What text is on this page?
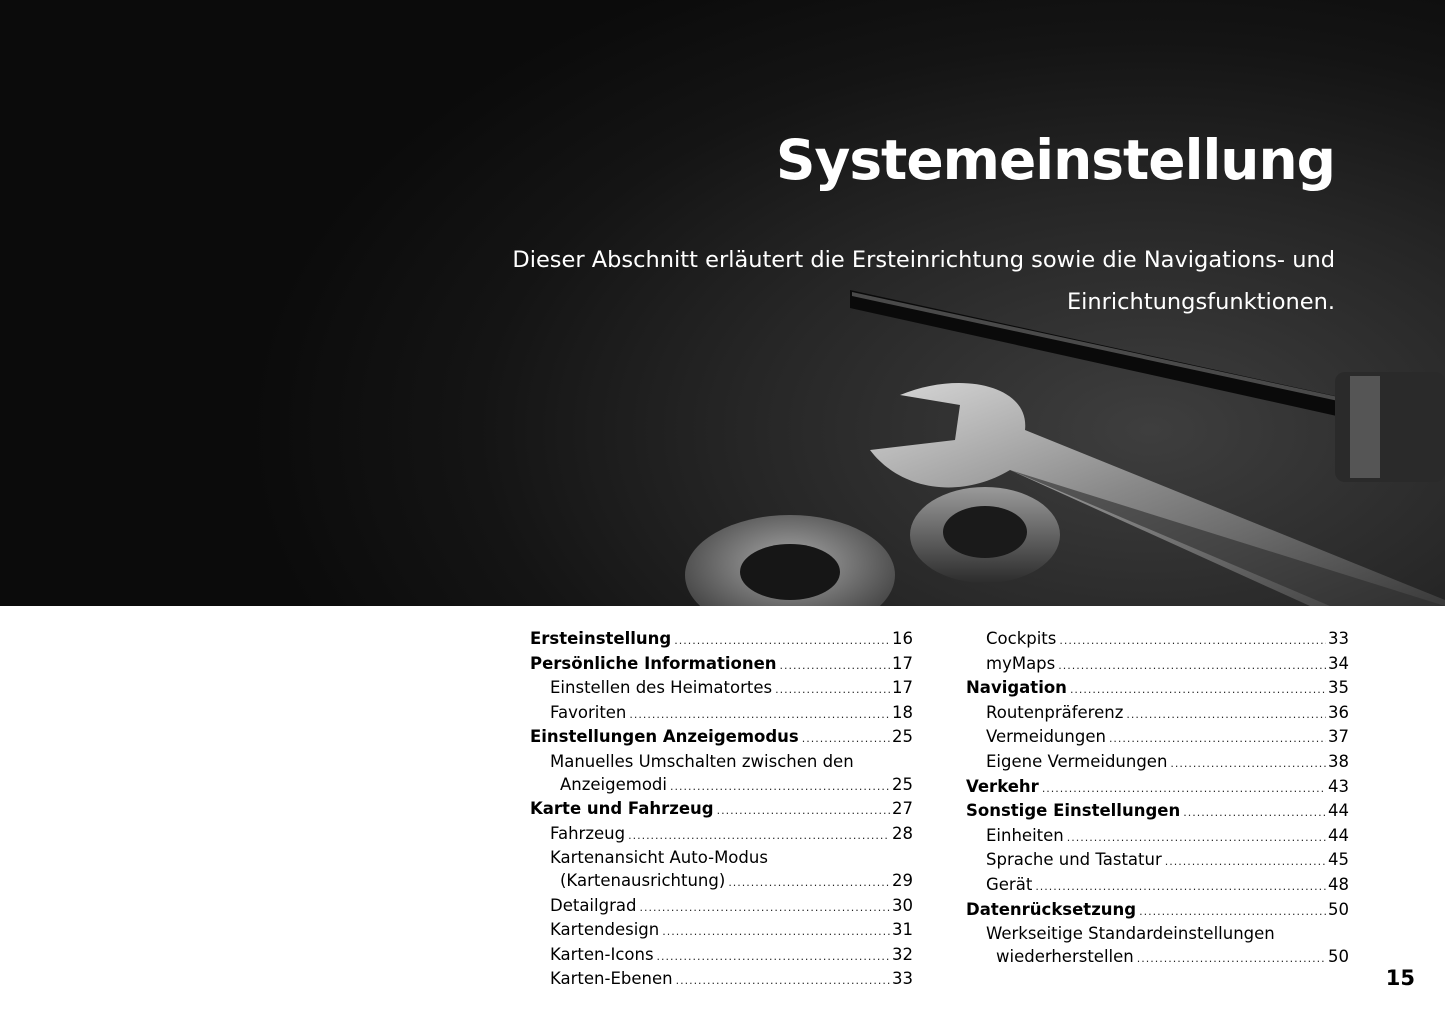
Systemeinstellung
Dieser Abschnitt erläutert die Ersteinrichtung sowie die Navigations- und Einrichtungsfunktionen.
Ersteinstellung .....	16
Persönliche Informationen .....	17
Einstellen des Heimatortes .....	17
Favoriten .....	18
Einstellungen Anzeigemodus .....	25
Manuelles Umschalten zwischen den
Anzeigemodi .....	25
Karte und Fahrzeug .....	27
Fahrzeug .....	28
Kartenansicht Auto-Modus
(Kartenausrichtung) .....	29
Detailgrad .....	30
Kartendesign .....	31
Karten-Icons .....	32
Karten-Ebenen .....	33
Cockpits .....	33
myMaps .....	34
Navigation .....	35
Routenpräferenz .....	36
Vermeidungen .....	37
Eigene Vermeidungen .....	38
Verkehr .....	43
Sonstige Einstellungen .....	44
Einheiten .....	44
Sprache und Tastatur .....	45
Gerät .....	48
Datenrücksetzung .....	50
Werkseitige Standardeinstellungen
wiederherstellen .....	50
15
